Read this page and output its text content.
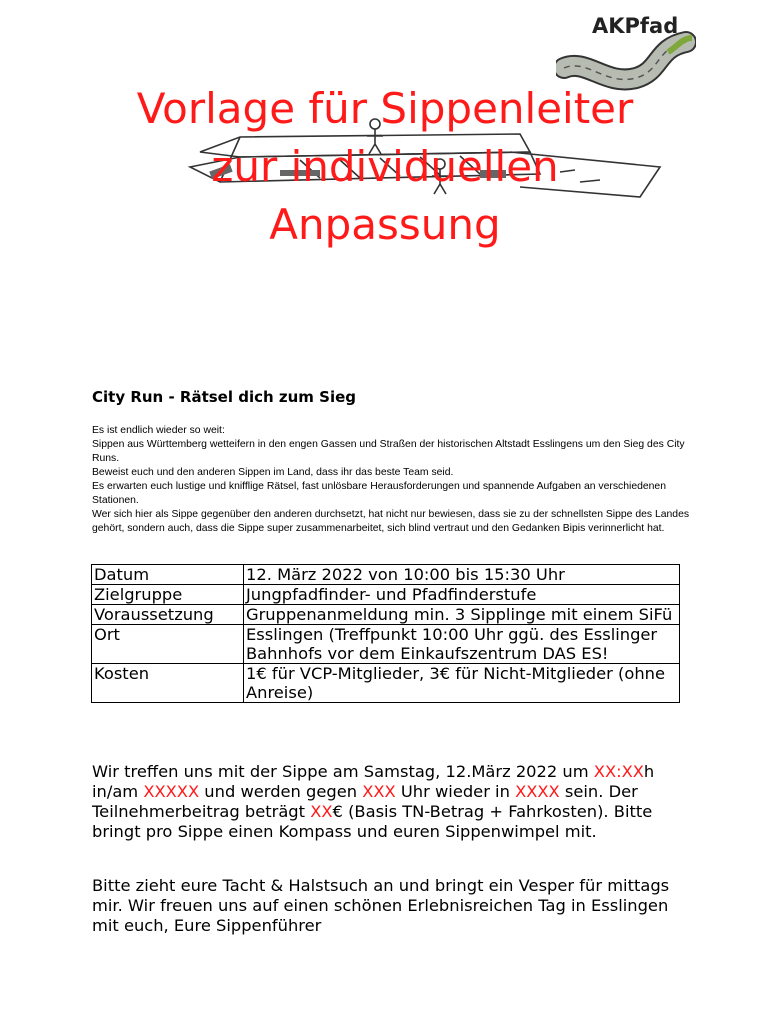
AKPfad
Vorlage für Sippenleiter
zur individuellen
Anpassung
City Run - Rätsel dich zum Sieg

Es ist endlich wieder so weit:

Sippen aus Württemberg wetteifern in den engen Gassen und Straßen der historischen Altstadt Esslingens um den Sieg des City Runs.

Beweist euch und den anderen Sippen im Land, dass ihr das beste Team seid.

Es erwarten euch lustige und knifflige Rätsel, fast unlösbare Herausforderungen und spannende Aufgaben an verschiedenen Stationen.

Wer sich hier als Sippe gegenüber den anderen durchsetzt, hat nicht nur bewiesen, dass sie zu der schnellsten Sippe des Landes gehört, sondern auch, dass die Sippe super zusammenarbeitet, sich blind vertraut und den Gedanken Bipis verinnerlicht hat.

Datum	12. März 2022 von 10:00 bis 15:30 Uhr
Zielgruppe	Jungpfadfinder- und Pfadfinderstufe
Voraussetzung	Gruppenanmeldung min. 3 Sipplinge mit einem SiFü
Ort	Esslingen (Treffpunkt 10:00 Uhr ggü. des Esslinger Bahnhofs vor dem Einkaufszentrum DAS ES!
Kosten	1€ für VCP-Mitglieder, 3€ für Nicht-Mitglieder (ohne Anreise)
Wir treffen uns mit der Sippe am Samstag, 12.März 2022 um XX:XXh in/am XXXXX und werden gegen XXX Uhr wieder in XXXX sein. Der Teilnehmerbeitrag beträgt XX€ (Basis TN-Betrag + Fahrkosten). Bitte bringt pro Sippe einen Kompass und euren Sippenwimpel mit.
Bitte zieht eure Tacht & Halstsuch an und bringt ein Vesper für mittags mir. Wir freuen uns auf einen schönen Erlebnisreichen Tag in Esslingen mit euch, Eure Sippenführer
